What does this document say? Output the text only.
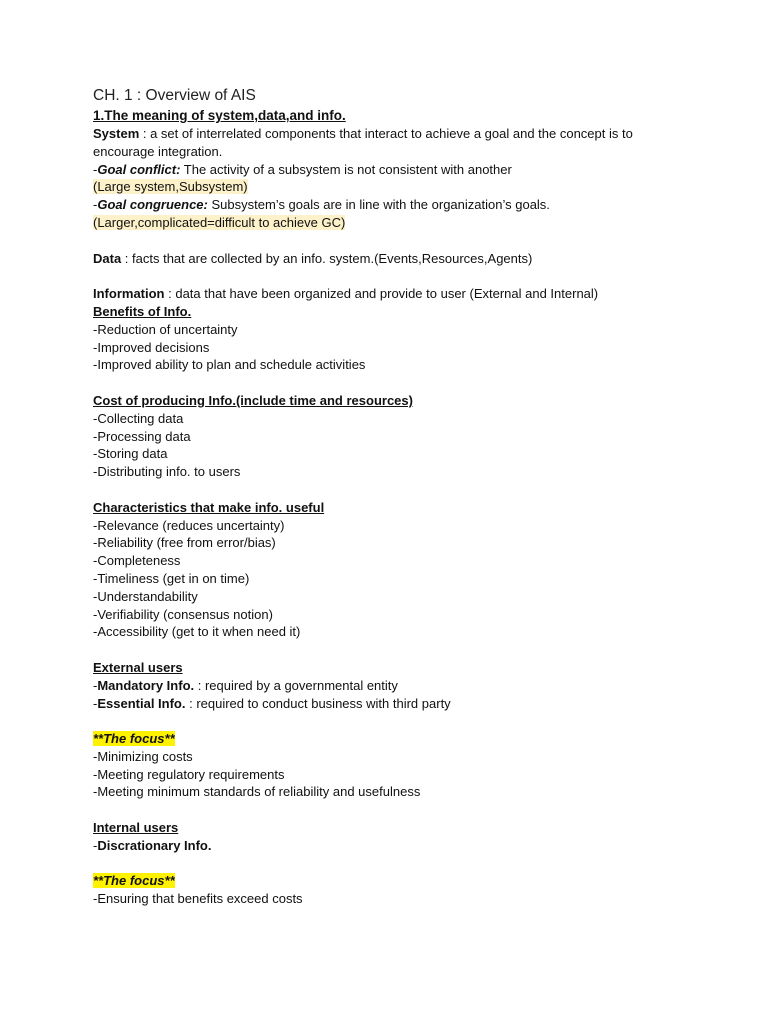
CH. 1 : Overview of AIS
1.The meaning of system,data,and info.
System : a set of interrelated components that interact to achieve a goal and the concept is to encourage integration.
-Goal conflict: The activity of a subsystem is not consistent with another
(Large system,Subsystem)
-Goal congruence: Subsystem’s goals are in line with the organization’s goals.
(Larger,complicated=difficult to achieve GC)
Data : facts that are collected by an info. system.(Events,Resources,Agents)
Information : data that have been organized and provide to user (External and Internal)
Benefits of Info.
-Reduction of uncertainty
-Improved decisions
-Improved ability to plan and schedule activities
Cost of producing Info.(include time and resources)
-Collecting data
-Processing data
-Storing data
-Distributing info. to users
Characteristics that make info. useful
-Relevance (reduces uncertainty)
-Reliability (free from error/bias)
-Completeness
-Timeliness (get in on time)
-Understandability
-Verifiability (consensus notion)
-Accessibility (get to it when need it)
External users
-Mandatory Info. : required by a governmental entity
-Essential Info. : required to conduct business with third party
**The focus**
-Minimizing costs
-Meeting regulatory requirements
-Meeting minimum standards of reliability and usefulness
Internal users
-Discrationary Info.
**The focus**
-Ensuring that benefits exceed costs
